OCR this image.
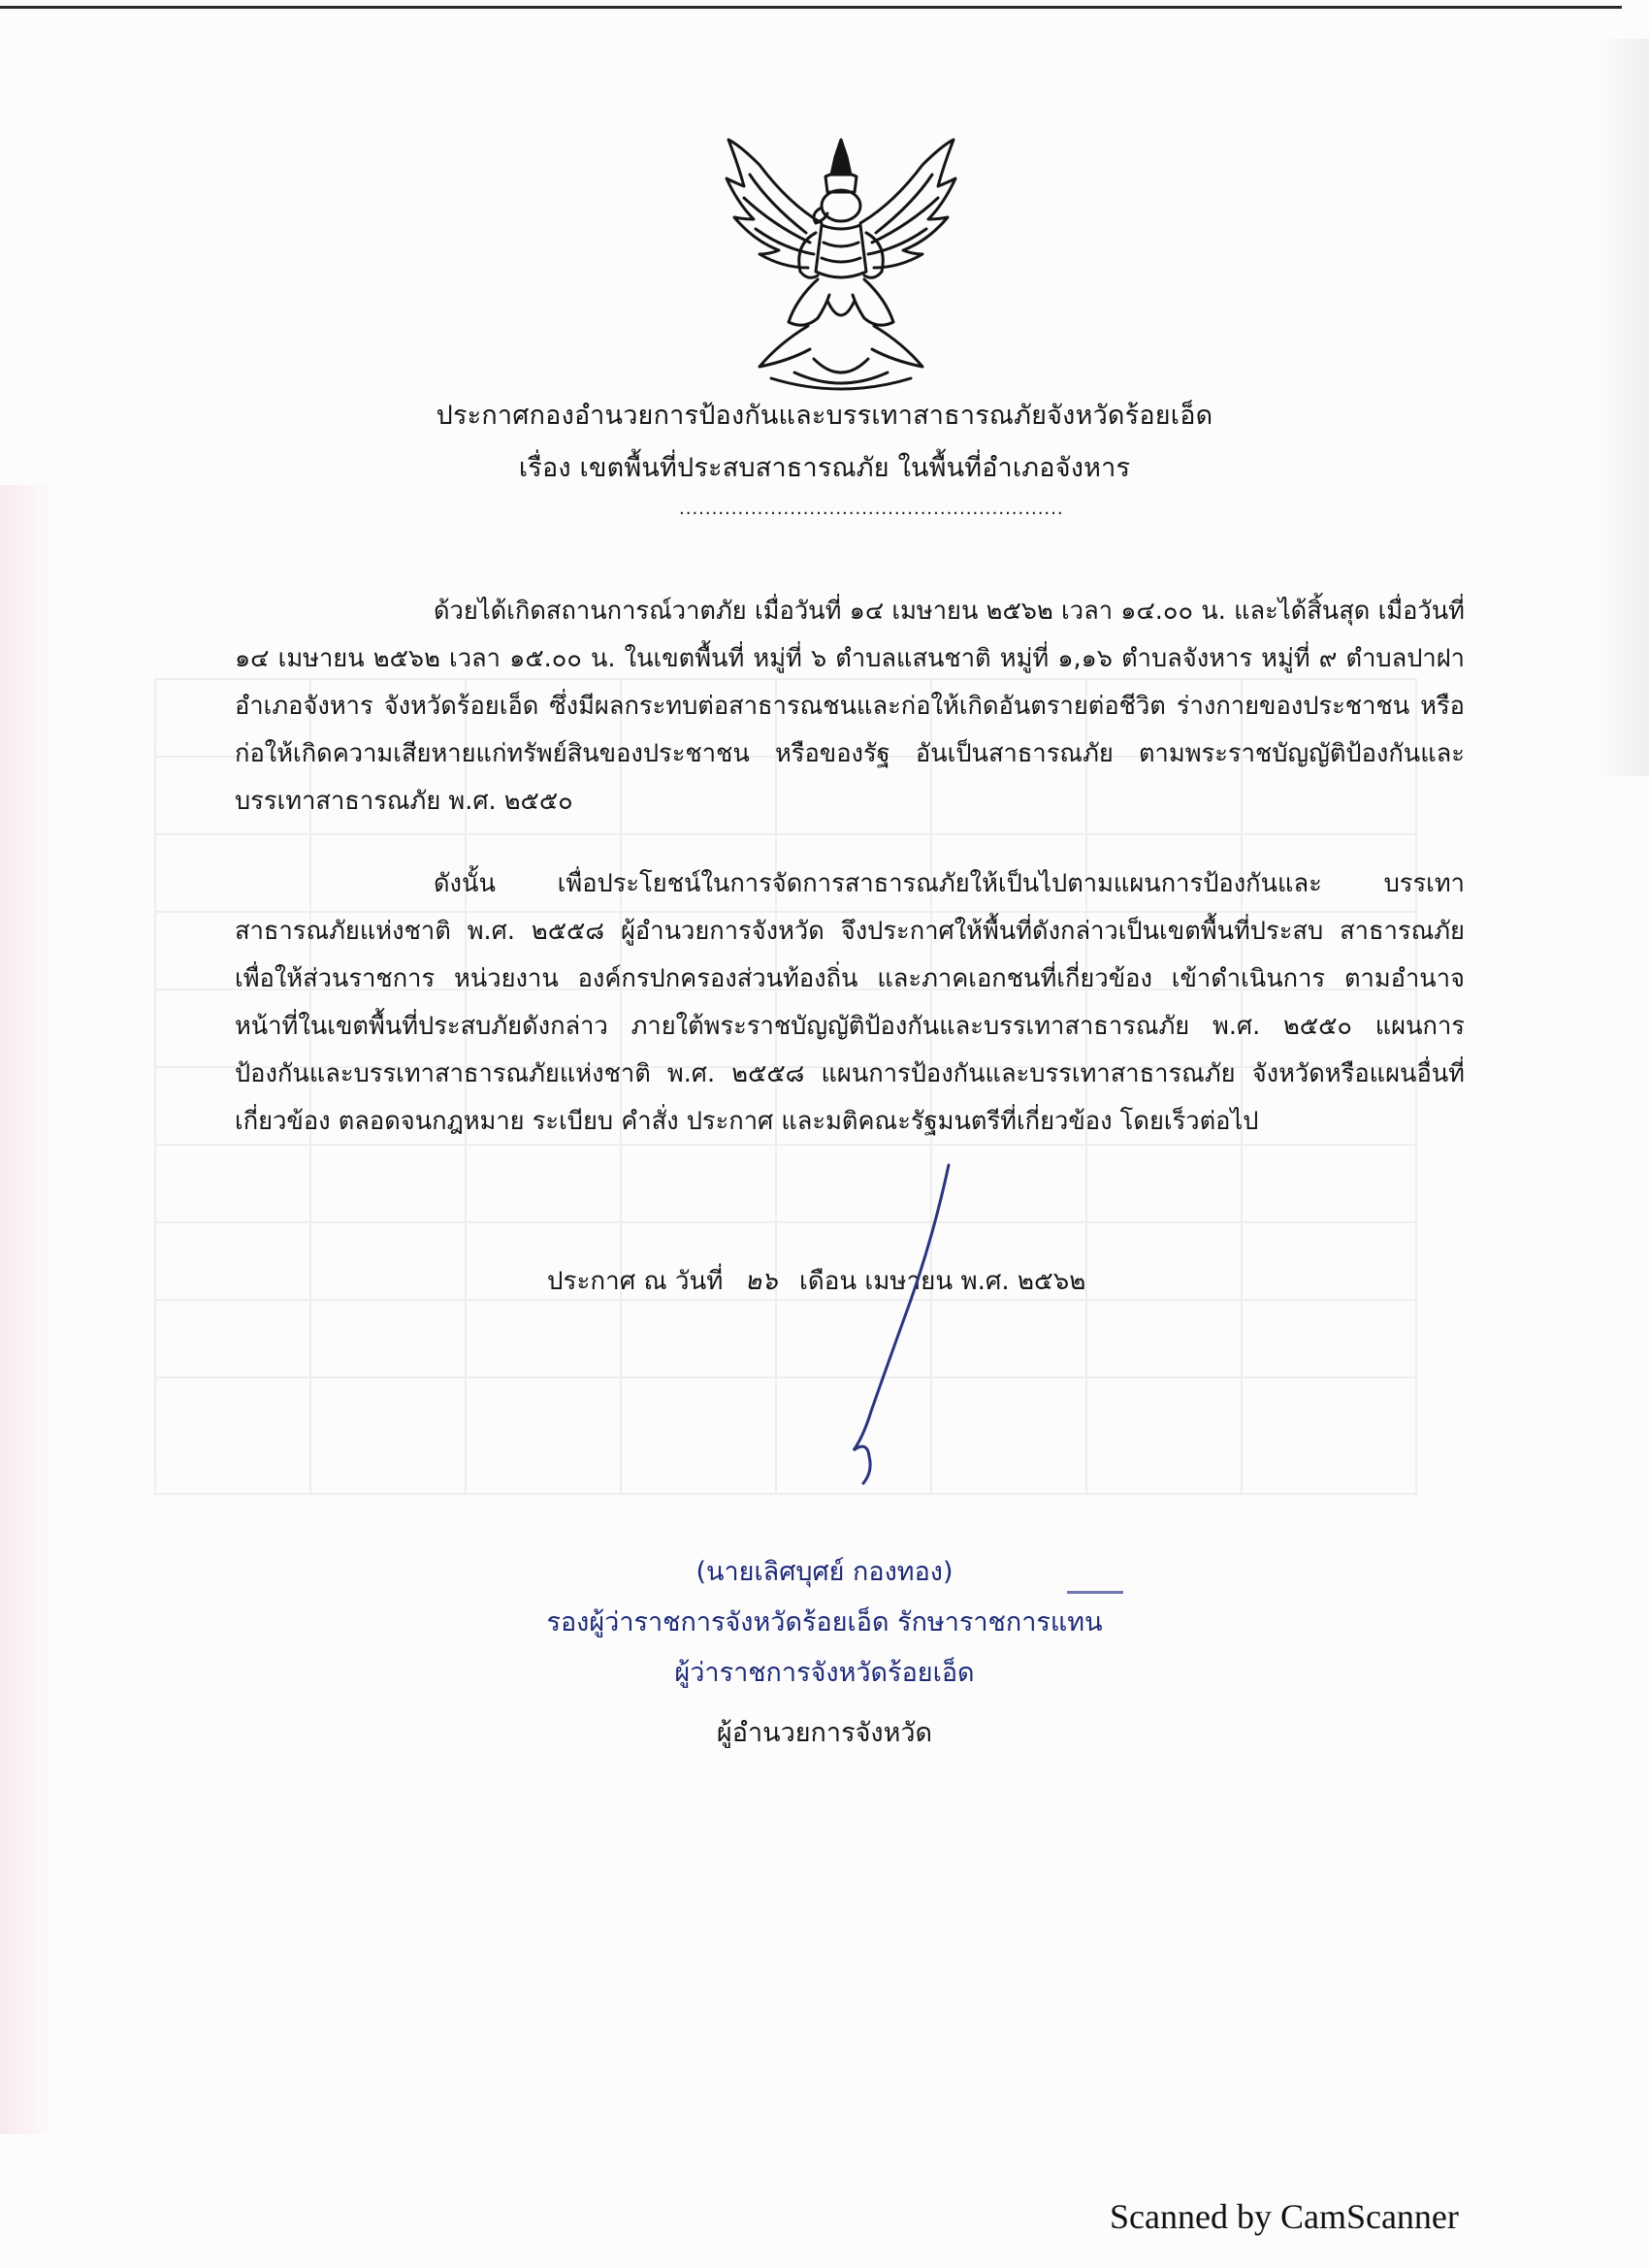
ประกาศกองอำนวยการป้องกันและบรรเทาสาธารณภัยจังหวัดร้อยเอ็ด
เรื่อง เขตพื้นที่ประสบสาธารณภัย ในพื้นที่อำเภอจังหาร
...........................................................
ด้วยได้เกิดสถานการณ์วาตภัย เมื่อวันที่ ๑๔ เมษายน ๒๕๖๒ เวลา ๑๔.๐๐ น. และได้สิ้นสุด เมื่อวันที่ ๑๔ เมษายน ๒๕๖๒ เวลา ๑๕.๐๐ น. ในเขตพื้นที่ หมู่ที่ ๖ ตำบลแสนชาติ หมู่ที่ ๑,๑๖ ตำบลจังหาร หมู่ที่ ๙ ตำบลปาฝา อำเภอจังหาร จังหวัดร้อยเอ็ด ซึ่งมีผลกระทบต่อสาธารณชนและก่อให้เกิดอันตรายต่อชีวิต ร่างกายของประชาชน หรือก่อให้เกิดความเสียหายแก่ทรัพย์สินของประชาชน หรือของรัฐ อันเป็นสาธารณภัย ตามพระราชบัญญัติป้องกันและบรรเทาสาธารณภัย พ.ศ. ๒๕๕๐
ดังนั้น เพื่อประโยชน์ในการจัดการสาธารณภัยให้เป็นไปตามแผนการป้องกันและ บรรเทาสาธารณภัยแห่งชาติ พ.ศ. ๒๕๕๘ ผู้อำนวยการจังหวัด จึงประกาศให้พื้นที่ดังกล่าวเป็นเขตพื้นที่ประสบ สาธารณภัย เพื่อให้ส่วนราชการ หน่วยงาน องค์กรปกครองส่วนท้องถิ่น และภาคเอกชนที่เกี่ยวข้อง เข้าดำเนินการ ตามอำนาจหน้าที่ในเขตพื้นที่ประสบภัยดังกล่าว ภายใต้พระราชบัญญัติป้องกันและบรรเทาสาธารณภัย พ.ศ. ๒๕๕๐ แผนการป้องกันและบรรเทาสาธารณภัยแห่งชาติ พ.ศ. ๒๕๕๘ แผนการป้องกันและบรรเทาสาธารณภัย จังหวัดหรือแผนอื่นที่เกี่ยวข้อง ตลอดจนกฎหมาย ระเบียบ คำสั่ง ประกาศ และมติคณะรัฐมนตรีที่เกี่ยวข้อง โดยเร็วต่อไป
ประกาศ ณ วันที่ ๒๖ เดือน เมษายน พ.ศ. ๒๕๖๒
(นายเลิศบุศย์ กองทอง)
รองผู้ว่าราชการจังหวัดร้อยเอ็ด รักษาราชการแทน
ผู้ว่าราชการจังหวัดร้อยเอ็ด
ผู้อำนวยการจังหวัด
Scanned by CamScanner
